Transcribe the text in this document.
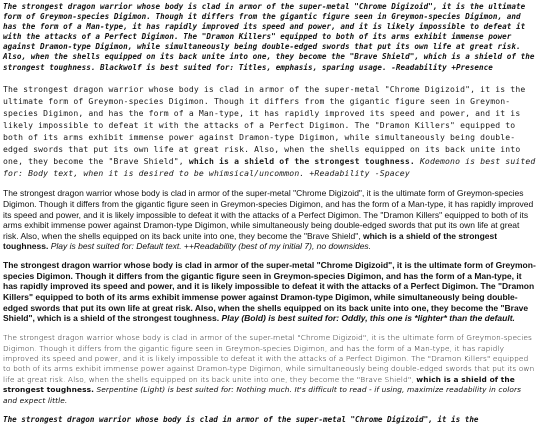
The strongest dragon warrior whose body is clad in armor of the super-metal "Chrome Digizoid", it is the ultimate form of Greymon-species Digimon. Though it differs from the gigantic figure seen in Greymon-species Digimon, and has the form of a Man-type, it has rapidly improved its speed and power, and it is likely impossible to defeat it with the attacks of a Perfect Digimon. The "Dramon Killers" equipped to both of its arms exhibit immense power against Dramon-type Digimon, while simultaneously being double-edged swords that put its own life at great risk. Also, when the shells equipped on its back unite into one, they become the "Brave Shield", which is a shield of the strongest toughness. Blackwolf is best suited for: Titles, emphasis, sparing usage. -Readability +Presence

The strongest dragon warrior whose body is clad in armor of the super-metal "Chrome Digizoid", it is the ultimate form of Greymon-species Digimon. Though it differs from the gigantic figure seen in Greymon-species Digimon, and has the form of a Man-type, it has rapidly improved its speed and power, and it is likely impossible to defeat it with the attacks of a Perfect Digimon. The "Dramon Killers" equipped to both of its arms exhibit immense power against Dramon-type Digimon, while simultaneously being double-edged swords that put its own life at great risk. Also, when the shells equipped on its back unite into one, they become the "Brave Shield", which is a shield of the strongest toughness. Kodemono is best suited for: Body text, when it is desired to be whimsical/uncommon. +Readability -Spacey

The strongest dragon warrior whose body is clad in armor of the super-metal "Chrome Digizoid", it is the ultimate form of Greymon-species Digimon. Though it differs from the gigantic figure seen in Greymon-species Digimon, and has the form of a Man-type, it has rapidly improved its speed and power, and it is likely impossible to defeat it with the attacks of a Perfect Digimon. The "Dramon Killers" equipped to both of its arms exhibit immense power against Dramon-type Digimon, while simultaneously being double-edged swords that put its own life at great risk. Also, when the shells equipped on its back unite into one, they become the "Brave Shield", which is a shield of the strongest toughness. Play is best suited for: Default text. ++Readability (best of my initial 7), no downsides.

The strongest dragon warrior whose body is clad in armor of the super-metal "Chrome Digizoid", it is the ultimate form of Greymon-species Digimon. Though it differs from the gigantic figure seen in Greymon-species Digimon, and has the form of a Man-type, it has rapidly improved its speed and power, and it is likely impossible to defeat it with the attacks of a Perfect Digimon. The "Dramon Killers" equipped to both of its arms exhibit immense power against Dramon-type Digimon, while simultaneously being double-edged swords that put its own life at great risk. Also, when the shells equipped on its back unite into one, they become the "Brave Shield", which is a shield of the strongest toughness. Play (Bold) is best suited for: Oddly, this one is *lighter* than the default.

The strongest dragon warrior whose body is clad in armor of the super-metal "Chrome Digizoid", it is the ultimate form of Greymon-species Digimon. Though it differs from the gigantic figure seen in Greymon-species Digimon, and has the form of a Man-type, it has rapidly improved its speed and power, and it is likely impossible to defeat it with the attacks of a Perfect Digimon. The "Dramon Killers" equipped to both of its arms exhibit immense power against Dramon-type Digimon, while simultaneously being double-edged swords that put its own life at great risk. Also, when the shells equipped on its back unite into one, they become the "Brave Shield", which is a shield of the strongest toughness. Serpentine (Light) is best suited for: Nothing much. It's difficult to read - if using, maximize readability in colors and expect little.

The strongest dragon warrior whose body is clad in armor of the super-metal "Chrome Digizoid", it is the
